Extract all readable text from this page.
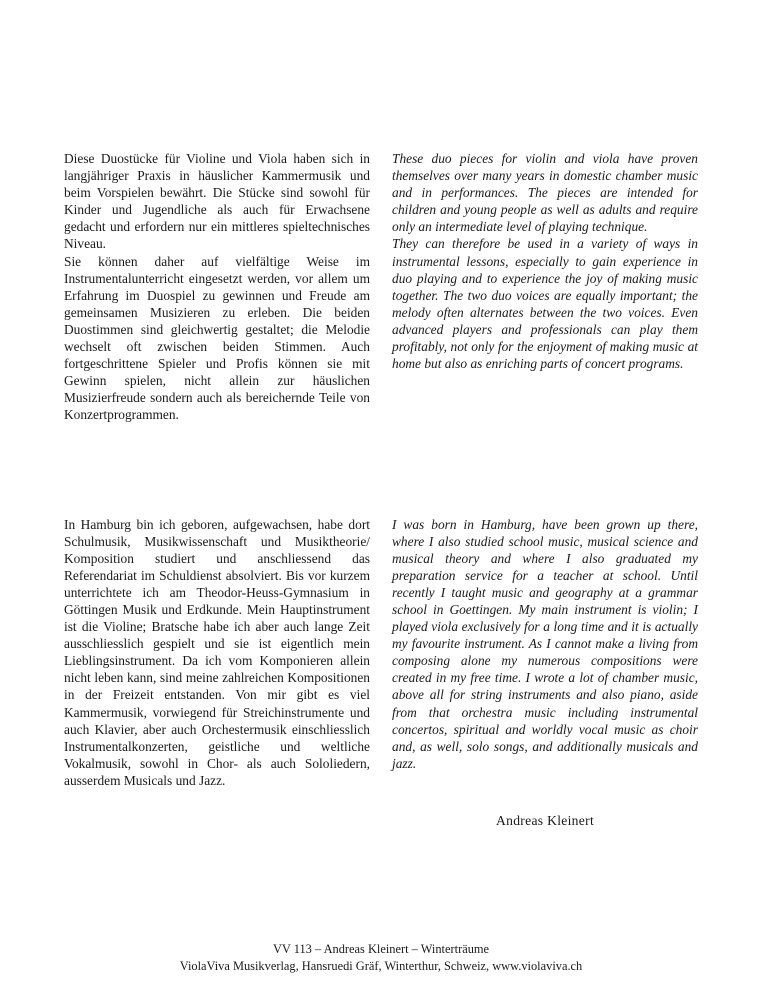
Diese Duostücke für Violine und Viola haben sich in langjähriger Praxis in häuslicher Kammermusik und beim Vorspielen bewährt. Die Stücke sind sowohl für Kinder und Jugendliche als auch für Erwachsene gedacht und erfordern nur ein mittleres spieltechnisches Niveau.

Sie können daher auf vielfältige Weise im Instrumentalunterricht eingesetzt werden, vor allem um Erfahrung im Duospiel zu gewinnen und Freude am gemeinsamen Musizieren zu erleben. Die beiden Duostimmen sind gleichwertig gestaltet; die Melodie wechselt oft zwischen beiden Stimmen. Auch fortgeschrittene Spieler und Profis können sie mit Gewinn spielen, nicht allein zur häuslichen Musizierfreude sondern auch als bereichernde Teile von Konzertprogrammen.

These duo pieces for violin and viola have proven themselves over many years in domestic chamber music and in performances. The pieces are intended for children and young people as well as adults and require only an intermediate level of playing technique.

They can therefore be used in a variety of ways in instrumental lessons, especially to gain experience in duo playing and to experience the joy of making music together. The two duo voices are equally important; the melody often alternates between the two voices. Even advanced players and professionals can play them profitably, not only for the enjoyment of making music at home but also as enriching parts of concert programs.

In Hamburg bin ich geboren, aufgewachsen, habe dort Schulmusik, Musikwissenschaft und Musiktheorie/ Komposition studiert und anschliessend das Referendariat im Schuldienst absolviert. Bis vor kurzem unterrichtete ich am Theodor-Heuss-Gymnasium in Göttingen Musik und Erdkunde. Mein Hauptinstrument ist die Violine; Bratsche habe ich aber auch lange Zeit ausschliesslich gespielt und sie ist eigentlich mein Lieblingsinstrument. Da ich vom Komponieren allein nicht leben kann, sind meine zahlreichen Kompositionen in der Freizeit entstanden. Von mir gibt es viel Kammermusik, vorwiegend für Streichinstrumente und auch Klavier, aber auch Orchestermusik einschliesslich Instrumentalkonzerten, geistliche und weltliche Vokalmusik, sowohl in Chor- als auch Sololiedern, ausserdem Musicals und Jazz.

I was born in Hamburg, have been grown up there, where I also studied school music, musical science and musical theory and where I also graduated my preparation service for a teacher at school. Until recently I taught music and geography at a grammar school in Goettingen. My main instrument is violin; I played viola exclusively for a long time and it is actually my favourite instrument. As I cannot make a living from composing alone my numerous compositions were created in my free time. I wrote a lot of chamber music, above all for string instruments and also piano, aside from that orchestra music including instrumental concertos, spiritual and worldly vocal music as choir and, as well, solo songs, and additionally musicals and jazz.

Andreas Kleinert
VV 113 – Andreas Kleinert – Winterträume
ViolaViva Musikverlag, Hansruedi Gräf, Winterthur, Schweiz, www.violaviva.ch
